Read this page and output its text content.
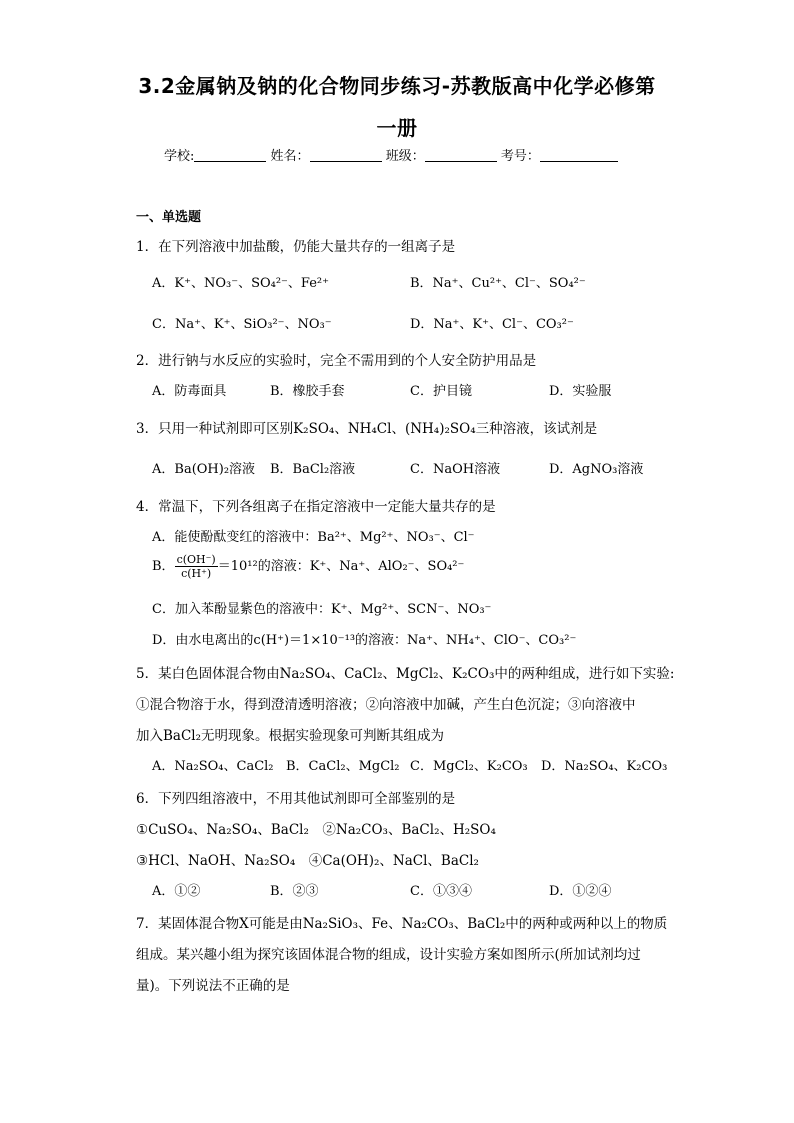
3.2金属钠及钠的化合物同步练习-苏教版高中化学必修第
一册
学校:	姓名：	班级：	考号：
一、单选题
1．在下列溶液中加盐酸，仍能大量共存的一组离子是
A．K⁺、NO₃⁻、SO₄²⁻、Fe²⁺	B．Na⁺、Cu²⁺、Cl⁻、SO₄²⁻
C．Na⁺、K⁺、SiO₃²⁻、NO₃⁻	D．Na⁺、K⁺、Cl⁻、CO₃²⁻
2．进行钠与水反应的实验时，完全不需用到的个人安全防护用品是
A．防毒面具	B．橡胶手套	C．护目镜	D．实验服
3．只用一种试剂即可区别K₂SO₄、NH₄Cl、(NH₄)₂SO₄三种溶液，该试剂是
A．Ba(OH)₂溶液 B．BaCl₂溶液	C．NaOH溶液	D．AgNO₃溶液
4．常温下，下列各组离子在指定溶液中一定能大量共存的是
A．能使酚酞变红的溶液中：Ba²⁺、Mg²⁺、NO₃⁻、Cl⁻
B． $\frac{c(OH^-)}{c(H^+)} =10^{12}$的溶液：K⁺、Na⁺、AlO₂⁻、SO₄²⁻
C．加入苯酚显紫色的溶液中：K⁺、Mg²⁺、SCN⁻、NO₃⁻
D．由水电离出的c(H⁺)＝1×10⁻¹³的溶液：Na⁺、NH₄⁺、ClO⁻、CO₃²⁻
5．某白色固体混合物由Na₂SO₄、CaCl₂、MgCl₂、K₂CO₃中的两种组成，进行如下实验:
①混合物溶于水，得到澄清透明溶液；②向溶液中加碱，产生白色沉淀；③向溶液中
加入BaCl₂无明现象。根据实验现象可判断其组成为
A．Na₂SO₄、CaCl₂ B．CaCl₂、MgCl₂ C．MgCl₂、K₂CO₃ D．Na₂SO₄、K₂CO₃
6．下列四组溶液中，不用其他试剂即可全部鉴别的是
①CuSO₄、Na₂SO₄、BaCl₂　②Na₂CO₃、BaCl₂、H₂SO₄
③HCl、NaOH、Na₂SO₄　④Ca(OH)₂、NaCl、BaCl₂
A．①②	B．②③	C．①③④	D．①②④
7．某固体混合物X可能是由Na₂SiO₃、Fe、Na₂CO₃、BaCl₂中的两种或两种以上的物质
组成。某兴趣小组为探究该固体混合物的组成，设计实验方案如图所示(所加试剂均过
量)。下列说法不正确的是
